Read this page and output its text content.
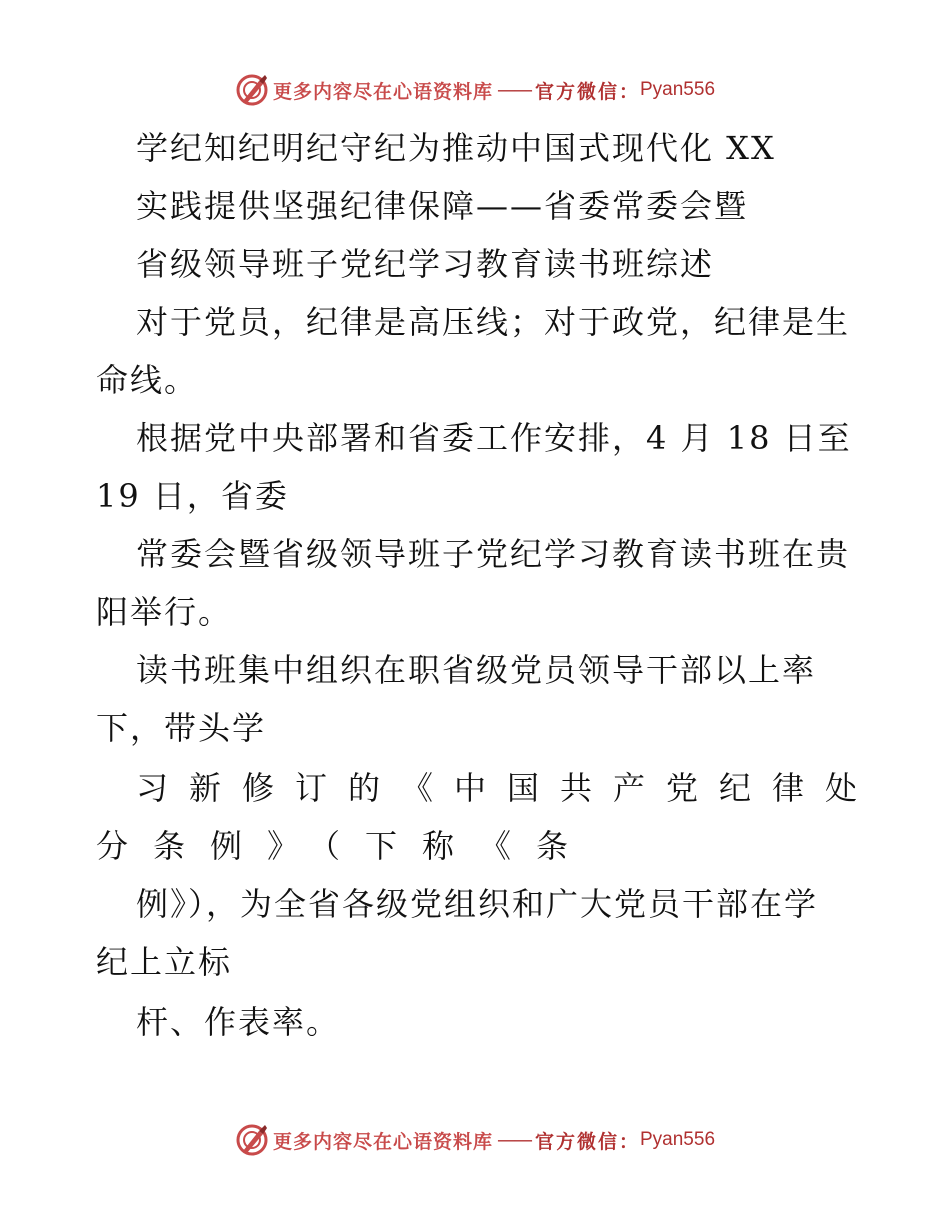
更多内容尽在心语资料库 —— 官方微信： Pyan556
学纪知纪明纪守纪为推动中国式现代化 XX
实践提供坚强纪律保障——省委常委会暨
省级领导班子党纪学习教育读书班综述
对于党员，纪律是高压线；对于政党，纪律是生
命线。
根据党中央部署和省委工作安排，4 月 18 日至
19 日，省委
常委会暨省级领导班子党纪学习教育读书班在贵
阳举行。
读书班集中组织在职省级党员领导干部以上率
下，带头学
习新修订的《中国共产党纪律处
分条例》（下称《条
例》），为全省各级党组织和广大党员干部在学
纪上立标
杆、作表率。
更多内容尽在心语资料库 —— 官方微信： Pyan556
